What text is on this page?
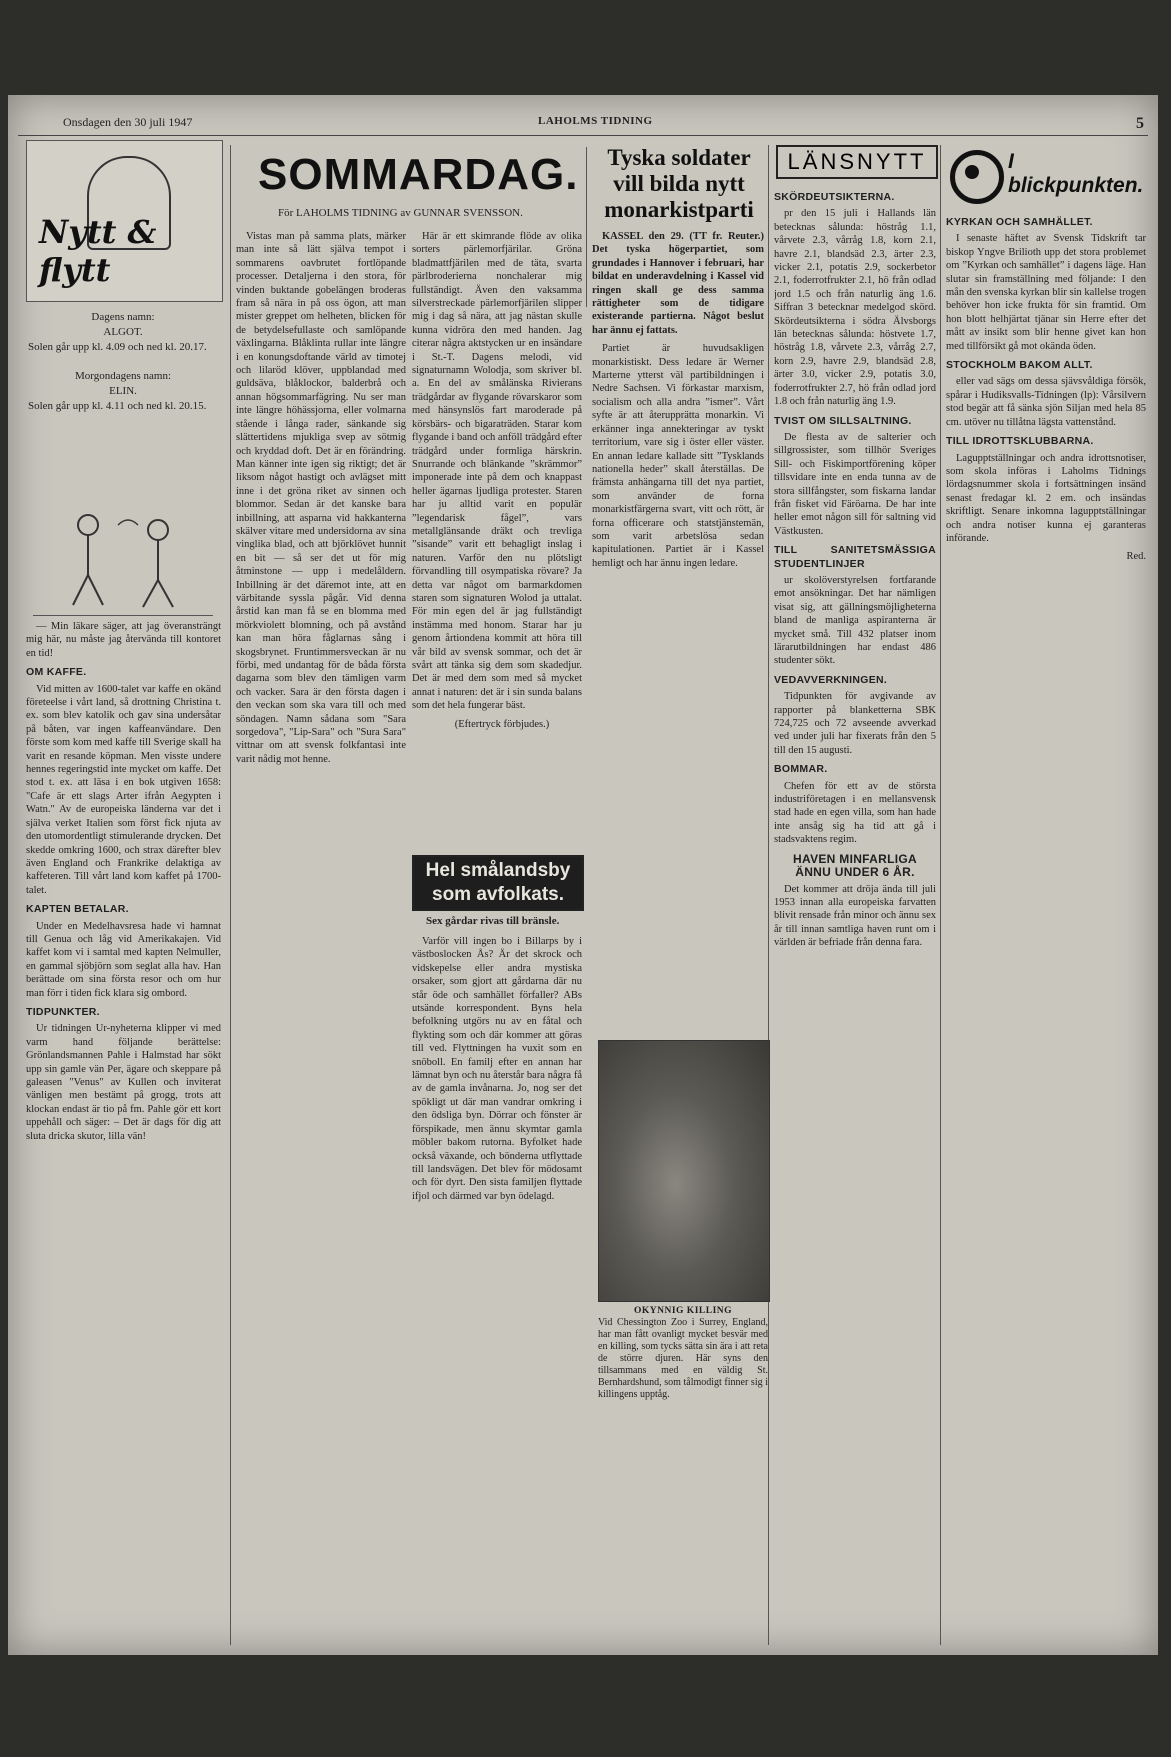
Onsdagen den 30 juli 1947	LAHOLMS TIDNING	5
Nytt & flytt
Dagens namn:
ALGOT.
Solen går upp kl. 4.09 och ned kl. 20.17.
Morgondagens namn:
ELIN.
Solen går upp kl. 4.11 och ned kl. 20.15.

— Min läkare säger, att jag överansträngt mig här, nu måste jag återvända till kontoret en tid!

OM KAFFE.

Vid mitten av 1600-talet var kaffe en okänd företeelse i vårt land, så drottning Christina t. ex. som blev katolik och gav sina undersåtar på båten, var ingen kaffeanvändare. Den förste som kom med kaffe till Sverige skall ha varit en resande köpman. Men visste undere hennes regeringstid inte mycket om kaffe. Det stod t. ex. att läsa i en bok utgiven 1658: "Cafe är ett slags Arter ifrån Aegypten i Watn." Av de europeiska länderna var det i själva verket Italien som först fick njuta av den utomordentligt stimulerande drycken. Det skedde omkring 1600, och strax därefter blev även England och Frankrike delaktiga av kaffeteren. Till vårt land kom kaffet på 1700-talet.

KAPTEN BETALAR.

Under en Medelhavsresa hade vi hamnat till Genua och låg vid Amerikakajen. Vid kaffet kom vi i samtal med kapten Nelmuller, en gammal sjöbjörn som seglat alla hav. Han berättade om sina första resor och om hur man förr i tiden fick klara sig ombord.

TIDPUNKTER.

Ur tidningen Ur-nyheterna klipper vi med varm hand följande berättelse: Grönlandsmannen Pahle i Halmstad har sökt upp sin gamle vän Per, ägare och skeppare på galeasen "Venus" av Kullen och inviterat vänligen men bestämt på grogg, trots att klockan endast är tio på fm. Pahle gör ett kort uppehåll och säger: – Det är dags för dig att sluta dricka skutor, lilla vän!

SOMMARDAG.
För LAHOLMS TIDNING av GUNNAR SVENSSON.

Vistas man på samma plats, märker man inte så lätt själva tempot i sommarens oavbrutet fortlöpande processer. Detaljerna i den stora, för vinden buktande gobelängen broderas fram så nära in på oss ögon, att man mister greppet om helheten, blicken för de betydelsefullaste och samlöpande växlingarna. Blåklinta rullar inte längre i en konungsdoftande värld av timotej och lilaröd klöver, uppblandad med guldsäva, blåklockor, balderbrå och annan högsommarfägring. Nu ser man inte längre höhässjorna, eller volmarna stående i långa rader, sänkande sig slättertidens mjukliga svep av sötmig och kryddad doft. Det är en förändring. Man känner inte igen sig riktigt; det är liksom något hastigt och avlägset mitt inne i det gröna riket av sinnen och blommor. Sedan är det kanske bara inbillning, att asparna vid hakkanterna skälver vitare med undersidorna av sina vinglika blad, och att björklövet hunnit en bit — så ser det ut för mig åtminstone — upp i medelåldern. Inbillning är det däremot inte, att en värbitande syssla pågår. Vid denna årstid kan man få se en blomma med mörkviolett blomning, och på avstånd kan man höra fåglarnas sång i skogsbrynet. Fruntimmersveckan är nu förbi, med undantag för de båda första dagarna som blev den tämligen varm och vacker. Sara är den första dagen i den veckan som ska vara till och med söndagen. Namn sådana som "Sara sorgedova", "Lip-Sara" och "Sura Sara" vittnar om att svensk folkfantasi inte varit nådig mot henne.

Här är ett skimrande flöde av olika sorters pärlemorfjärilar. Gröna bladmattfjärilen med de täta, svarta pärlbroderierna nonchalerar mig fullständigt. Även den vaksamma silverstreckade pärlemorfjärilen slipper mig i dag så nära, att jag nästan skulle kunna vidröra den med handen. Jag citerar några aktstycken ur en insändare i St.-T. Dagens melodi, vid signaturnamn Wolodja, som skriver bl. a. En del av smålänska Rivierans trädgårdar av flygande rövarskaror som med hänsynslös fart maroderade på körsbärs- och bigaraträden. Starar kom flygande i band och anföll trädgård efter trädgård under formliga härskrin. Snurrande och blänkande ”skrämmor” imponerade inte på dem och knappast heller ägarnas ljudliga protester. Staren har ju alltid varit en populär ”legendarisk fågel”, vars metallglänsande dräkt och trevliga ”sisande” varit ett behagligt inslag i naturen. Varför den nu plötsligt förvandling till osympatiska rövare? Ja detta var något om barmarkdomen staren som signaturen Wolod ja uttalat. För min egen del är jag fullständigt instämma med honom. Starar har ju genom årtiondena kommit att höra till vår bild av svensk sommar, och det är svårt att tänka sig dem som skadedjur. Det är med dem som med så mycket annat i naturen: det är i sin sunda balans som det hela fungerar bäst.

(Eftertryck förbjudes.)

Hel smålandsby
som avfolkats.
Sex gårdar rivas till bränsle.

Varför vill ingen bo i Billarps by i västboslocken Ås? Är det skrock och vidskepelse eller andra mystiska orsaker, som gjort att gårdarna där nu står öde och samhället förfaller? ABs utsände korrespondent. Byns hela befolkning utgörs nu av en fåtal och flykting som och där kommer att göras till ved. Flyttningen ha vuxit som en snöboll. En familj efter en annan har lämnat byn och nu återstår bara några få av de gamla invånarna. Jo, nog ser det spökligt ut där man vandrar omkring i den ödsliga byn. Dörrar och fönster är förspikade, men ännu skymtar gamla möbler bakom rutorna. Byfolket hade också växande, och bönderna utflyttade till landsvägen. Det blev för mödosamt och för dyrt. Den sista familjen flyttade ifjol och därmed var byn ödelagd.

Tyska soldater
vill bilda nytt
monarkistparti

KASSEL den 29. (TT fr. Reuter.) Det tyska högerpartiet, som grundades i Hannover i februari, har bildat en underavdelning i Kassel vid ringen skall ge dess samma rättigheter som de tidigare existerande partierna. Något beslut har ännu ej fattats.

Partiet är huvudsakligen monarkistiskt. Dess ledare är Werner Marterne ytterst väl partibildningen i Nedre Sachsen. Vi förkastar marxism, socialism och alla andra ”ismer”. Vårt syfte är att återupprätta monarkin. Vi erkänner inga annekteringar av tyskt territorium, vare sig i öster eller väster. En annan ledare kallade sitt ”Tysklands nationella heder” skall återställas. De främsta anhängarna till det nya partiet, som använder de forna monarkistfärgerna svart, vitt och rött, är forna officerare och statstjänstemän, som varit arbetslösa sedan kapitulationen. Partiet är i Kassel hemligt och har ännu ingen ledare.

OKYNNIG KILLING
Vid Chessington Zoo i Surrey, England, har man fått ovanligt mycket besvär med en killing, som tycks sätta sin ära i att reta de större djuren. Här syns den tillsammans med en väldig St. Bernhardshund, som tålmodigt finner sig i killingens upptåg.
LÄNSNYTT
SKÖRDEUTSIKTERNA.

pr den 15 juli i Hallands län betecknas sålunda: höstråg 1.1, vårvete 2.3, vårråg 1.8, korn 2.1, havre 2.1, blandsäd 2.3, ärter 2.3, vicker 2.1, potatis 2.9, sockerbetor 2.1, foderrotfrukter 2.1, hö från odlad jord 1.5 och från naturlig äng 1.6. Siffran 3 betecknar medelgod skörd. Skördeutsikterna i södra Älvsborgs län betecknas sålunda: höstvete 1.7, höstråg 1.8, vårvete 2.3, vårråg 2.7, korn 2.9, havre 2.9, blandsäd 2.8, ärter 3.0, vicker 2.9, potatis 3.0, foderrotfrukter 2.7, hö från odlad jord 1.8 och från naturlig äng 1.9.

TVIST OM SILLSALTNING.

De flesta av de salterier och sillgrossister, som tillhör Sveriges Sill- och Fiskimportförening köper tillsvidare inte en enda tunna av de stora sillfångster, som fiskarna landar från fisket vid Färöarna. De har inte heller emot någon sill för saltning vid Västkusten.

TILL SANITETSMÄSSIGA STUDENTLINJER

ur skolöverstyrelsen fortfarande emot ansökningar. Det har nämligen visat sig, att gällningsmöjligheterna bland de manliga aspiranterna är mycket små. Till 432 platser inom lärarutbildningen har endast 486 studenter sökt.

VEDAVVERKNINGEN.

Tidpunkten för avgivande av rapporter på blanketterna SBK 724,725 och 72 avseende avverkad ved under juli har fixerats från den 5 till den 15 augusti.

BOMMAR.

Chefen för ett av de största industriföretagen i en mellansvensk stad hade en egen villa, som han hade inte ansåg sig ha tid att gå i stadsvaktens regim.

HAVEN MINFARLIGA ÄNNU UNDER 6 ÅR.

Det kommer att dröja ända till juli 1953 innan alla europeiska farvatten blivit rensade från minor och ännu sex år till innan samtliga haven runt om i världen är befriade från denna fara.

I blickpunkten.
KYRKAN OCH SAMHÄLLET.

I senaste häftet av Svensk Tidskrift tar biskop Yngve Brilioth upp det stora problemet om ”Kyrkan och samhället” i dagens läge. Han slutar sin framställning med följande: I den mån den svenska kyrkan blir sin kallelse trogen behöver hon icke frukta för sin framtid. Om hon blott helhjärtat tjänar sin Herre efter det mått av insikt som blir henne givet kan hon med tillförsikt gå mot okända öden.

STOCKHOLM BAKOM ALLT.

eller vad sägs om dessa sjävsvåldiga försök, spårar i Hudiksvalls-Tidningen (lp): Vårsilvern stod begär att få sänka sjön Siljan med hela 85 cm. utöver nu tillåtna lägsta vattenstånd.

TILL IDROTTSKLUBBARNA.

Lagupptställningar och andra idrottsnotiser, som skola införas i Laholms Tidnings lördagsnummer skola i fortsättningen insänd senast fredagar kl. 2 em. och insändas skriftligt. Senare inkomna lagupptställningar och andra notiser kunna ej garanteras införande.

Red.
